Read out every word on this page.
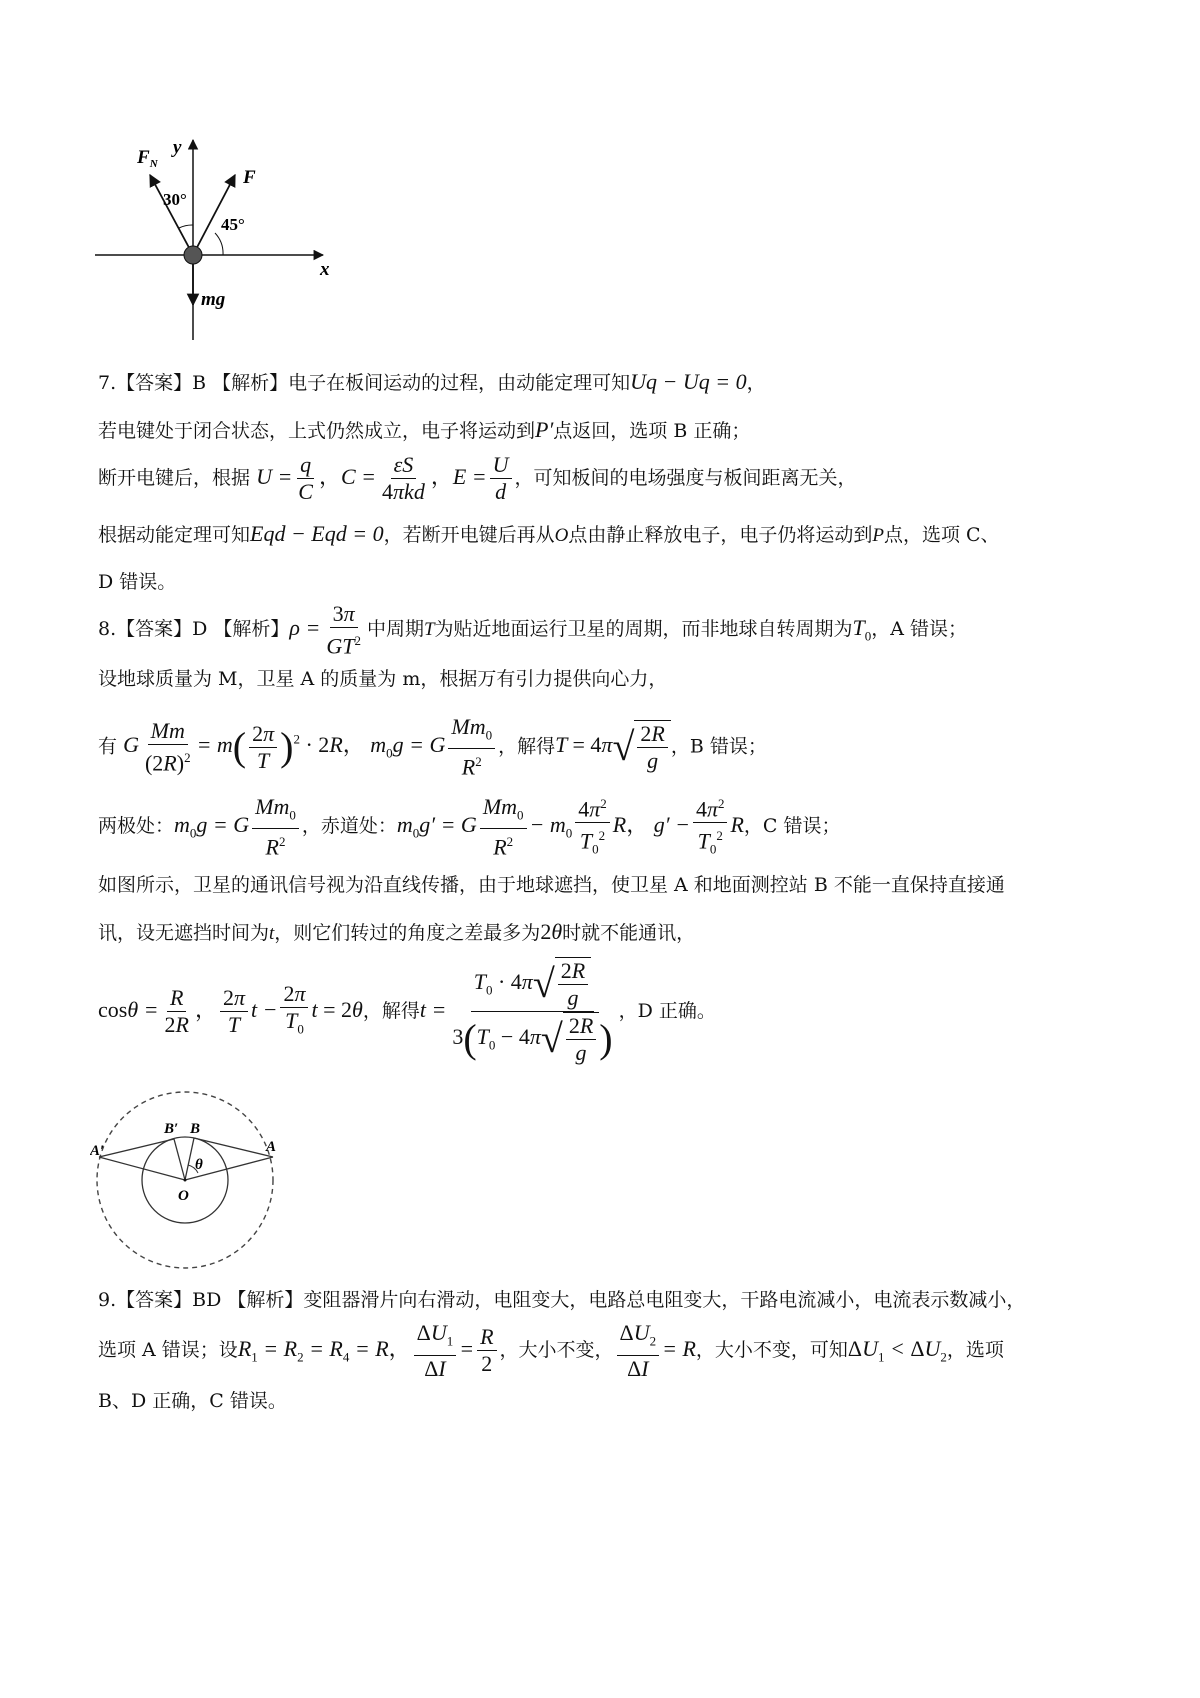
$F_N$
y
F
x
mg
30°
45°
7.【答案】B 【解析】电子在板间运动的过程，由动能定理可知Uq − Uq = 0，
若电键处于闭合状态，上式仍然成立，电子将运动到P′点返回，选项 B 正确；
断开电键后，根据 $U = \frac{q}{C}$ ，$C = \frac{\varepsilon S}{\text{4πkd}}$ ，$E = \frac{U}{d}$ ，可知板间的电场强度与板间距离无关，
根据动能定理可知Eqd − Eqd = 0，若断开电键后再从O点由静止释放电子，电子仍将运动到P点，选项 C、
D 错误。
8.【答案】D 【解析】$\rho = \frac{3\pi}{GT^2}$ 中周期T为贴近地面运行卫星的周期，而非地球自转周期为$T_0$，A 错误；
设地球质量为 M，卫星 A 的质量为 m，根据万有引力提供向心力，
有 G $\frac{Mm}{(2R)^2} = m( \frac{2\pi}{T} )^2 \cdot 2R$， $m_0g = G \frac{Mm_0}{R^2}$ ，解得T = 4π √ $\frac{2R}{g}$ ，B 错误；
两极处：$m_0g = G \frac{Mm_0}{R^2}$ ，赤道处：$m_0g' = G \frac{Mm_0}{R^2} - m_0 \frac{4\pi^2}{T_0^2}$ R， $g' - \frac{4\pi^2}{T_0^2}$ R，C 错误；
如图所示，卫星的通讯信号视为沿直线传播，由于地球遮挡，使卫星 A 和地面测控站 B 不能一直保持直接通
讯，设无遮挡时间为t，则它们转过的角度之差最多为2θ时就不能通讯，
$\cos\theta = \frac{R}{2R}$ ， $\frac{2\pi}{T}$ $t - \frac{2\pi}{T_0}$ t = 2θ，解得$t = \frac{T_0 \cdot 4\pi √ \frac{2R}{g}}{3(T_0 - 4\pi √ \frac{2R}{g} )}$ ，D 正确。
A′
B′ B
A
θ
O
9.【答案】BD 【解析】变阻器滑片向右滑动，电阻变大，电路总电阻变大，干路电流减小，电流表示数减小，
选项 A 错误；设$R_1 = R_2 = R_4 = R$， $\frac{\Delta U_1}{\Delta I} = \frac{R}{2}$ ，大小不变， $\frac{\Delta U_2}{\Delta I} = R$，大小不变，可知$\Delta U_1 < \Delta U_2$，选项
B、D 正确，C 错误。
